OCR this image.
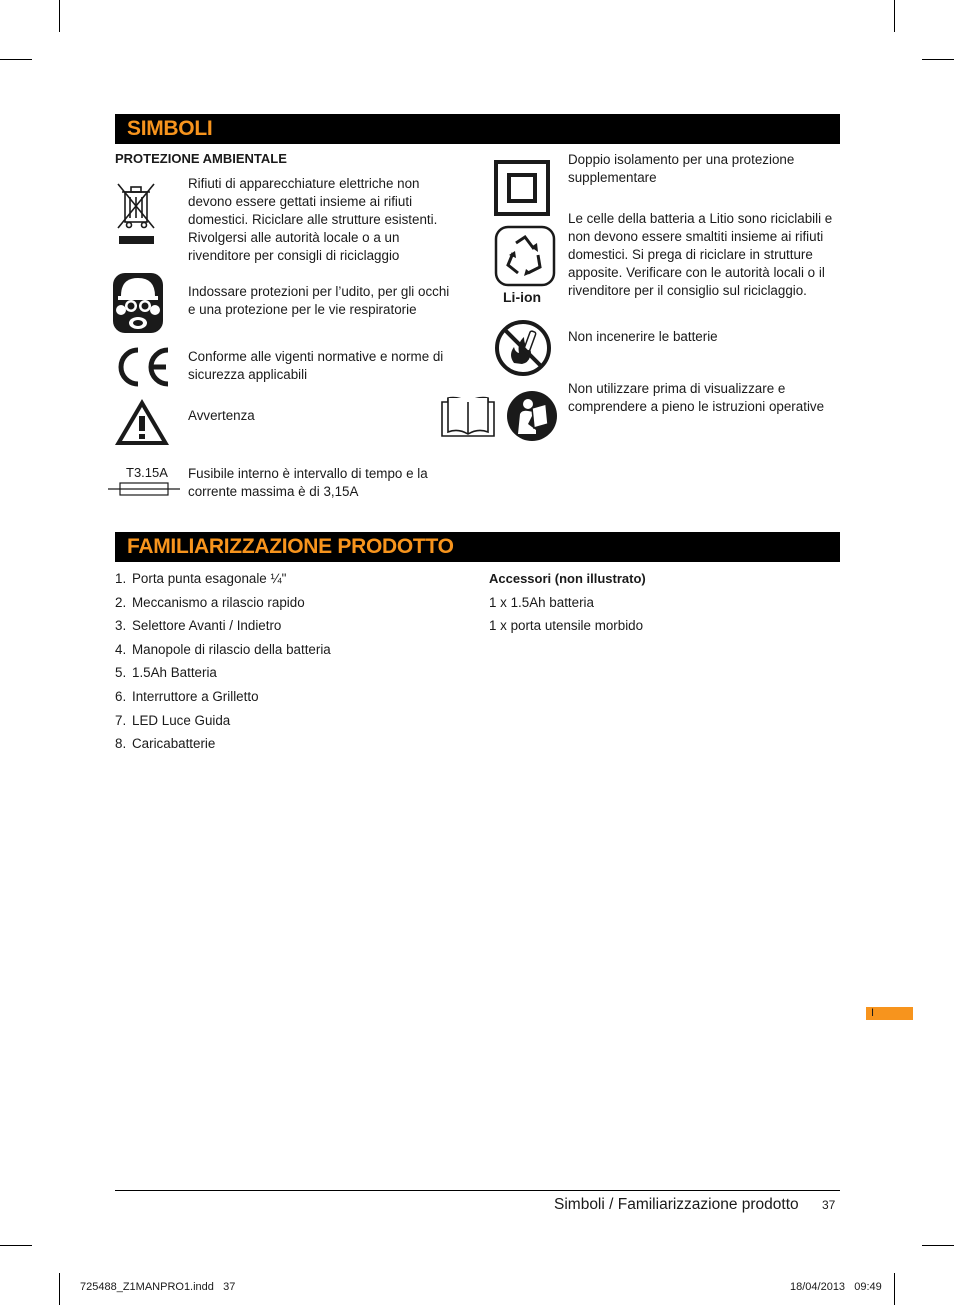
SIMBOLI
PROTEZIONE AMBIENTALE
Rifiuti di apparecchiature elettriche non
devono essere gettati insieme ai rifiuti
domestici. Riciclare alle strutture esistenti.
Rivolgersi alle autorità locale o a un
rivenditore per consigli di riciclaggio
Indossare protezioni per l’udito, per gli occhi
e una protezione per le vie respiratorie
Conforme alle vigenti normative e norme di
sicurezza applicabili
Avvertenza
T3.15A Fusibile interno è intervallo di tempo e la
corrente massima è di 3,15A
Doppio isolamento per una protezione
supplementare
Li-ion
Le celle della batteria a Litio sono riciclabili e
non devono essere smaltiti insieme ai rifiuti
domestici. Si prega di riciclare in strutture
apposite. Verificare con le autorità locali o il
rivenditore per il consiglio sul riciclaggio.
Non incenerire le batterie
Non utilizzare prima di visualizzare e
comprendere a pieno le istruzioni operative
FAMILIARIZZAZIONE PRODOTTO
1. Porta punta esagonale ¼"
2. Meccanismo a rilascio rapido
3. Selettore Avanti / Indietro
4. Manopole di rilascio della batteria
5. 1.5Ah Batteria
6. Interruttore a Grilletto
7. LED Luce Guida
8. Caricabatterie
Accessori (non illustrato)
1 x 1.5Ah batteria
1 x porta utensile morbido
I
Simboli / Familiarizzazione prodotto 37
725488_Z1MANPRO1.indd   37	18/04/2013   09:49
